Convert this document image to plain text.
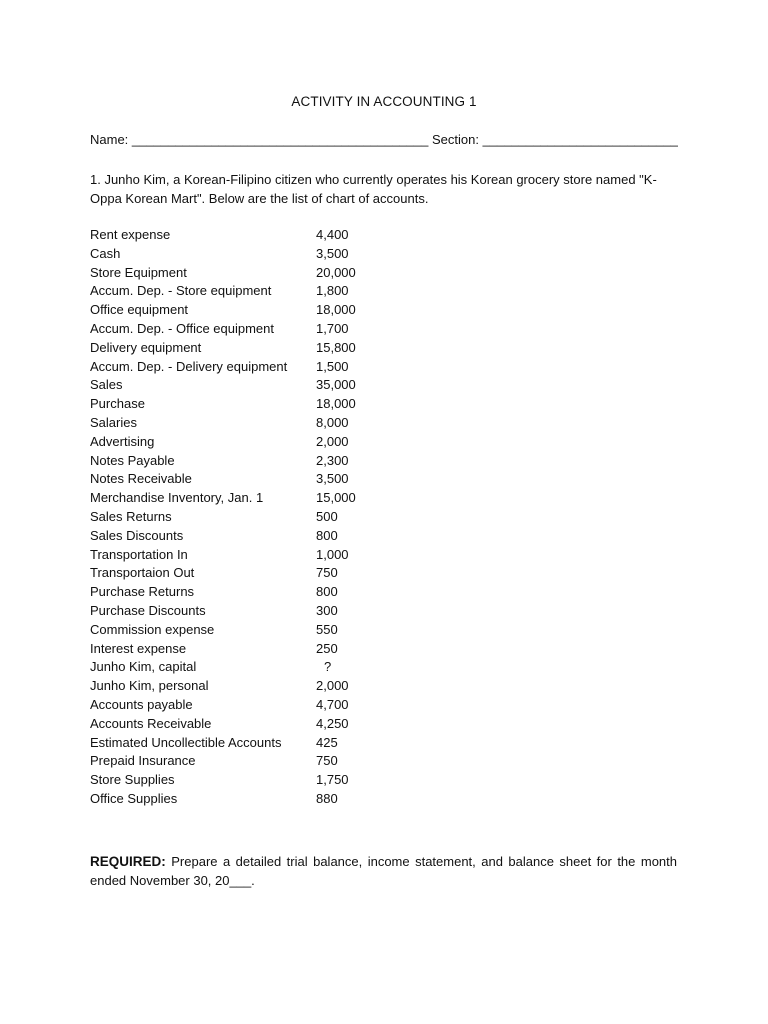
ACTIVITY IN ACCOUNTING 1
Name: _________________________________________ Section: ___________________________
1. Junho Kim, a Korean-Filipino citizen who currently operates his Korean grocery store named "K-Oppa Korean Mart". Below are the list of chart of accounts.
Rent expense	4,400
Cash	3,500
Store Equipment	20,000
Accum. Dep. - Store equipment	1,800
Office equipment	18,000
Accum. Dep. - Office equipment	1,700
Delivery equipment	15,800
Accum. Dep. - Delivery equipment	1,500
Sales	35,000
Purchase	18,000
Salaries	8,000
Advertising	2,000
Notes Payable	2,300
Notes Receivable	3,500
Merchandise Inventory, Jan. 1	15,000
Sales Returns	500
Sales Discounts	800
Transportation In	1,000
Transportaion Out	750
Purchase Returns	800
Purchase Discounts	300
Commission expense	550
Interest expense	250
Junho Kim, capital	?
Junho Kim, personal	2,000
Accounts payable	4,700
Accounts Receivable	4,250
Estimated Uncollectible Accounts	425
Prepaid Insurance	750
Store Supplies	1,750
Office Supplies	880
REQUIRED: Prepare a detailed trial balance, income statement, and balance sheet for the month ended November 30, 20___.
